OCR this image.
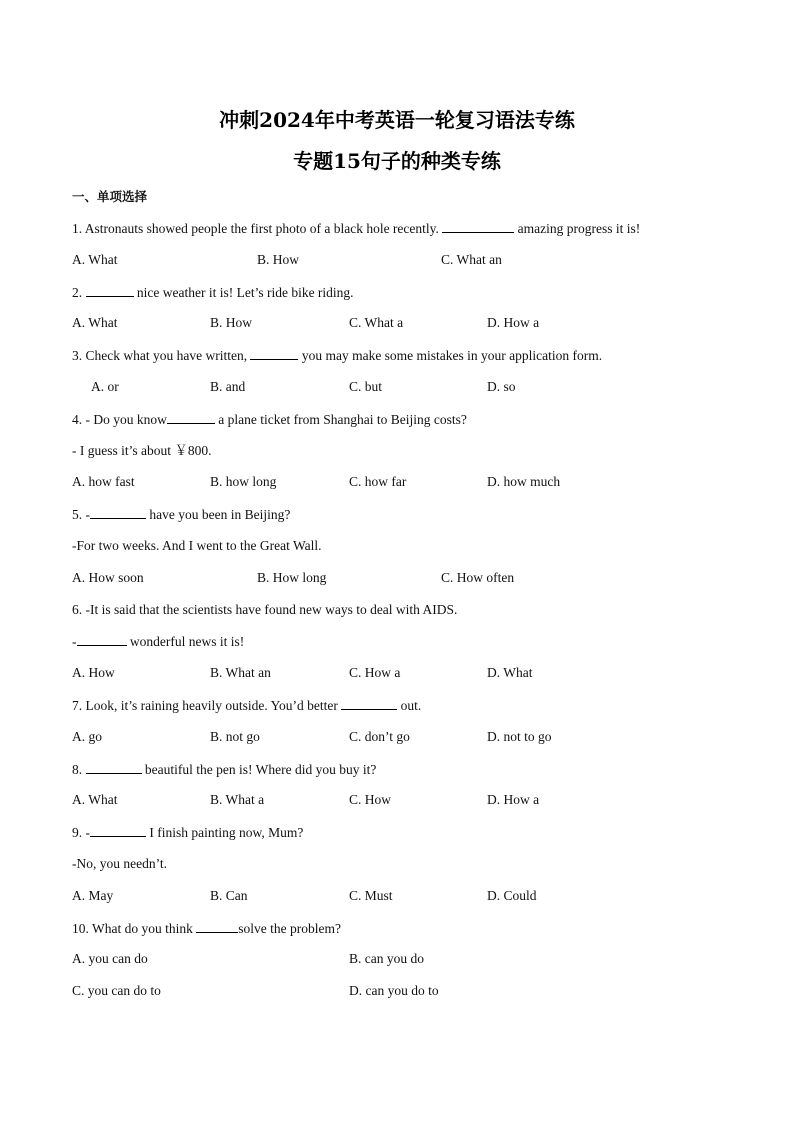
冲刺2024年中考英语一轮复习语法专练
专题15句子的种类专练
一、单项选择
1. Astronauts showed people the first photo of a black hole recently.	amazing progress it is!
A. What	B. How	C. What an
2.	nice weather it is! Let’s ride bike riding.
A. What	B. How	C. What a	D. How a
3. Check what you have written,	you may make some mistakes in your application form.
A. or	B. and	C. but	D. so
4. - Do you know	a plane ticket from Shanghai to Beijing costs?
- I guess it’s about ￥800.
A. how fast	B. how long	C. how far	D. how much
5. -	have you been in Beijing?
-For two weeks. And I went to the Great Wall.
A. How soon	B. How long	C. How often
6. -It is said that the scientists have found new ways to deal with AIDS.
-	wonderful news it is!
A. How	B. What an	C. How a	D. What
7. Look, it’s raining heavily outside. You’d better	out.
A. go	B. not go	C. don’t go	D. not to go
8.	beautiful the pen is! Where did you buy it?
A. What	B. What a	C. How	D. How a
9. -	I finish painting now, Mum?
-No, you needn’t.
A. May	B. Can	C. Must	D. Could
10. What do you think	solve the problem?
A. you can do	B. can you do
C. you can do to	D. can you do to
